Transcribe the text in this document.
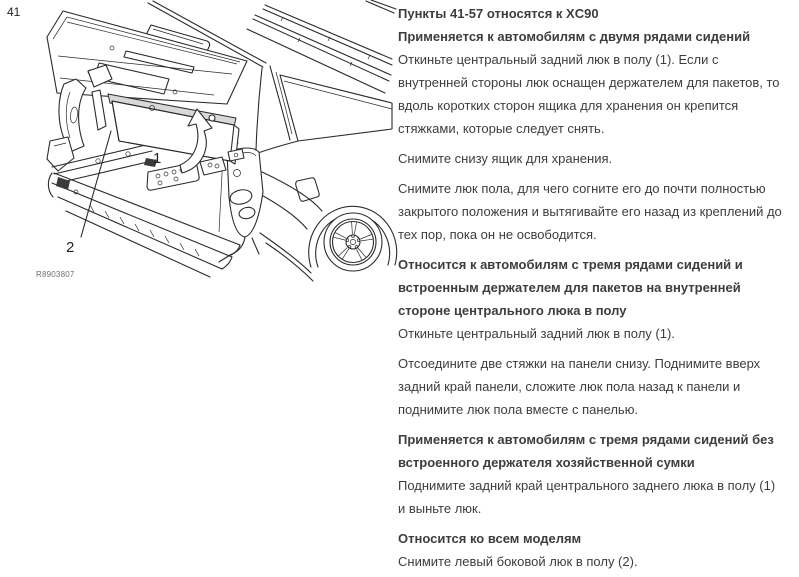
41
1
2
R8903807

Пункты 41-57 относятся к XC90

Применяется к автомобилям с двумя рядами сидений

Откиньте центральный задний люк в полу (1). Если с внутренней стороны люк оснащен держателем для пакетов, то вдоль коротких сторон ящика для хранения он крепится стяжками, которые следует снять.

Снимите снизу ящик для хранения.

Снимите люк пола, для чего согните его до почти полностью закрытого положения и вытягивайте его назад из креплений до тех пор, пока он не освободится.

Относится к автомобилям с тремя рядами сидений и встроенным держателем для пакетов на внутренней стороне центрального люка в полу

Откиньте центральный задний люк в полу (1).

Отсоедините две стяжки на панели снизу. Поднимите вверх задний край панели, сложите люк пола назад к панели и поднимите люк пола вместе с панелью.

Применяется к автомобилям с тремя рядами сидений без встроенного держателя хозяйственной сумки

Поднимите задний край центрального заднего люка в полу (1) и выньте люк.

Относится ко всем моделям

Снимите левый боковой люк в полу (2).
